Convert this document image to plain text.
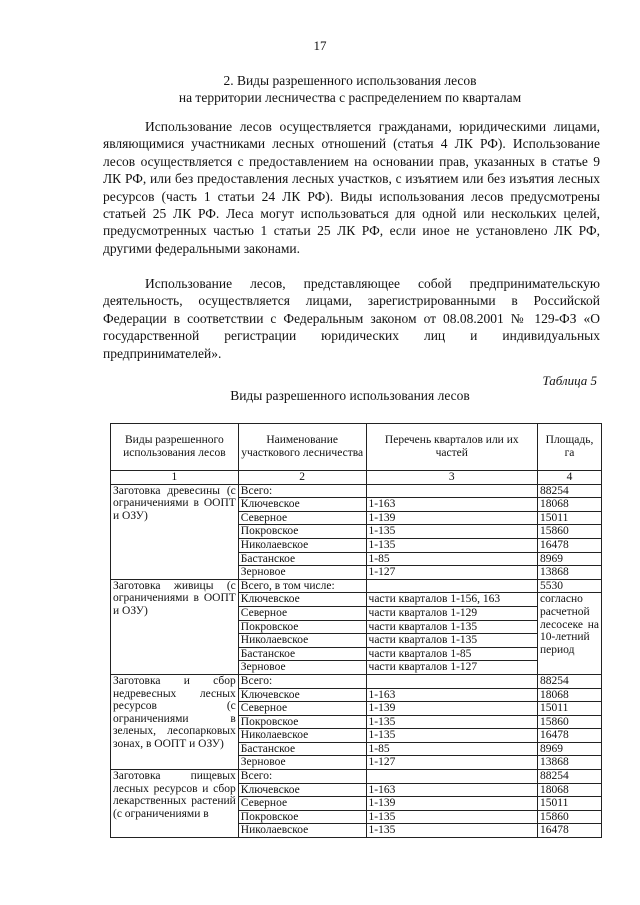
17
2. Виды разрешенного использования лесов
на территории лесничества с распределением по кварталам
Использование лесов осуществляется гражданами, юридическими лицами, являющимися участниками лесных отношений (статья 4 ЛК РФ). Использование лесов осуществляется с предоставлением на основании прав, указанных в статье 9 ЛК РФ, или без предоставления лесных участков, с изъятием или без изъятия лесных ресурсов (часть 1 статьи 24 ЛК РФ). Виды использования лесов предусмотрены статьей 25 ЛК РФ. Леса могут использоваться для одной или нескольких целей, предусмотренных частью 1 статьи 25 ЛК РФ, если иное не установлено ЛК РФ, другими федеральными законами.
Использование лесов, представляющее собой предпринимательскую деятельность, осуществляется лицами, зарегистрированными в Российской Федерации в соответствии с Федеральным законом от 08.08.2001 № 129-ФЗ «О государственной регистрации юридических лиц и индивидуальных предпринимателей».
Таблица 5
Виды разрешенного использования лесов
Виды разрешенного использования лесов	Наименование участкового лесничества	Перечень кварталов или их частей	Площадь, га
1	2	3	4
Заготовка древесины (с ограничениями в ООПТ и ОЗУ)	Всего:		88254
	Ключевское	1-163	18068
	Северное	1-139	15011
	Покровское	1-135	15860
	Николаевское	1-135	16478
	Бастанское	1-85	8969
	Зерновое	1-127	13868
Заготовка живицы (с ограничениями в ООПТ и ОЗУ)	Всего, в том числе:		5530
	Ключевское	части кварталов 1-156, 163	согласно расчетной лесосеке на 10-летний период
	Северное	части кварталов 1-129	
	Покровское	части кварталов 1-135	
	Николаевское	части кварталов 1-135	
	Бастанское	части кварталов 1-85	
	Зерновое	части кварталов 1-127	
Заготовка и сбор недревесных лесных ресурсов (с ограничениями в зеленых, лесопарковых зонах, в ООПТ и ОЗУ)	Всего:		88254
	Ключевское	1-163	18068
	Северное	1-139	15011
	Покровское	1-135	15860
	Николаевское	1-135	16478
	Бастанское	1-85	8969
	Зерновое	1-127	13868
Заготовка пищевых лесных ресурсов и сбор лекарственных растений (с ограничениями в	Всего:		88254
	Ключевское	1-163	18068
	Северное	1-139	15011
	Покровское	1-135	15860
	Николаевское	1-135	16478
